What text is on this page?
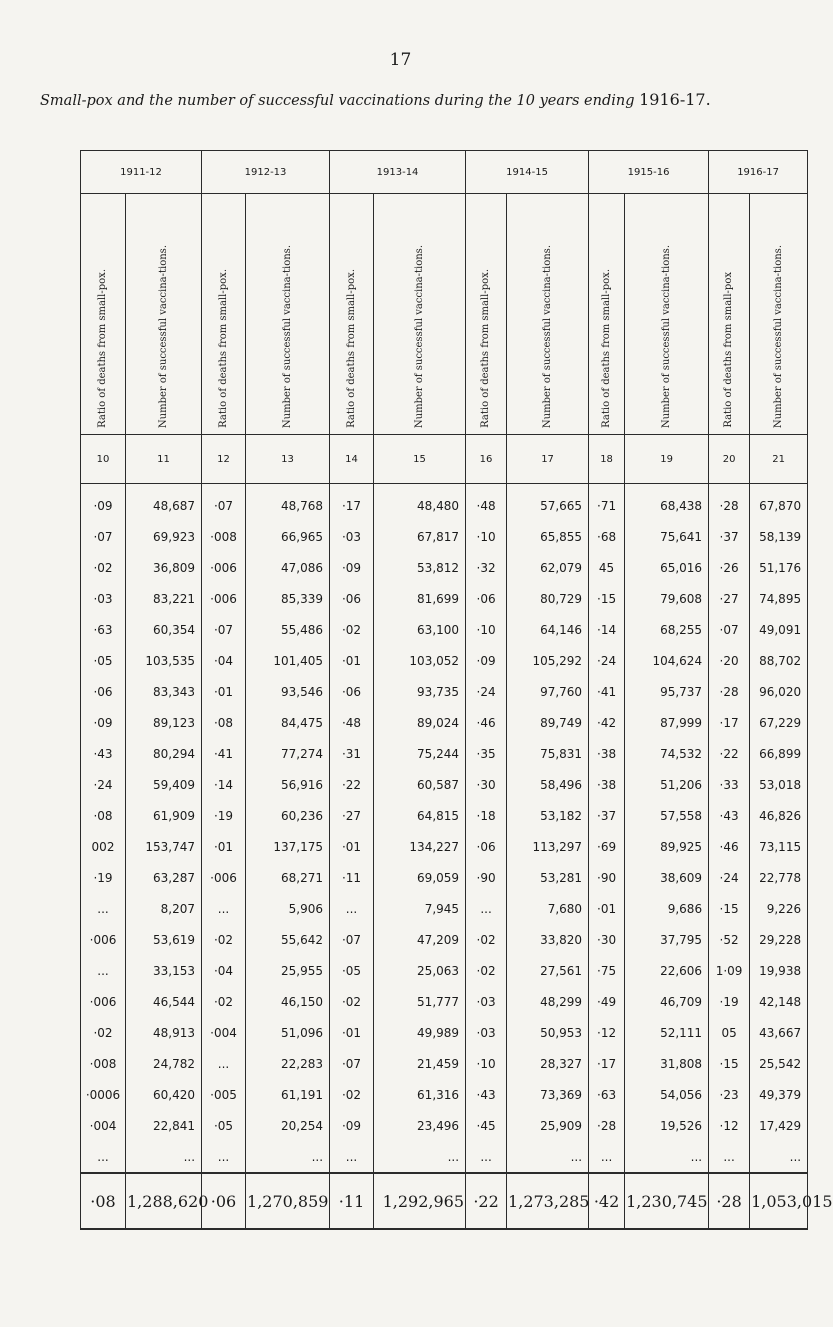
17
Small-pox and the number of successful vaccinations during the 10 years ending 1916-17.
1911-12		1912-13		1913-14		1914-15		1915-16		1916-17	

Ratio of deaths from small-pox.	Number of successful vaccina-tions.	Ratio of deaths from small-pox.	Number of successful vaccina-tions.	Ratio of deaths from small-pox.	Number of successful vaccina-tions.	Ratio of deaths from small-pox.	Number of successful vaccina-tions.	Ratio of deaths from small-pox.	Number of successful vaccina-tions.	Ratio of deaths from small-pox	Number of successful vaccina-tions.

10	11	12	13	14	15	16	17	18	19	20	21
·09	48,687	·07	48,768	·17	48,480	·48	57,665	·71	68,438	·28	67,870
·07	69,923	·008	66,965	·03	67,817	·10	65,855	·68	75,641	·37	58,139
·02	36,809	·006	47,086	·09	53,812	·32	62,079	45	65,016	·26	51,176
·03	83,221	·006	85,339	·06	81,699	·06	80,729	·15	79,608	·27	74,895
·63	60,354	·07	55,486	·02	63,100	·10	64,146	·14	68,255	·07	49,091
·05	103,535	·04	101,405	·01	103,052	·09	105,292	·24	104,624	·20	88,702
·06	83,343	·01	93,546	·06	93,735	·24	97,760	·41	95,737	·28	96,020
·09	89,123	·08	84,475	·48	89,024	·46	89,749	·42	87,999	·17	67,229
·43	80,294	·41	77,274	·31	75,244	·35	75,831	·38	74,532	·22	66,899
·24	59,409	·14	56,916	·22	60,587	·30	58,496	·38	51,206	·33	53,018
·08	61,909	·19	60,236	·27	64,815	·18	53,182	·37	57,558	·43	46,826
002	153,747	·01	137,175	·01	134,227	·06	113,297	·69	89,925	·46	73,115
·19	63,287	·006	68,271	·11	69,059	·90	53,281	·90	38,609	·24	22,778
...	8,207	...	5,906	...	7,945	...	7,680	·01	9,686	·15	9,226
·006	53,619	·02	55,642	·07	47,209	·02	33,820	·30	37,795	·52	29,228
...	33,153	·04	25,955	·05	25,063	·02	27,561	·75	22,606	1·09	19,938
·006	46,544	·02	46,150	·02	51,777	·03	48,299	·49	46,709	·19	42,148
·02	48,913	·004	51,096	·01	49,989	·03	50,953	·12	52,111	05	43,667
·008	24,782	...	22,283	·07	21,459	·10	28,327	·17	31,808	·15	25,542
·0006	60,420	·005	61,191	·02	61,316	·43	73,369	·63	54,056	·23	49,379
·004	22,841	·05	20,254	·09	23,496	·45	25,909	·28	19,526	·12	17,429
...	...	...	...	...	...	...	...	...	...	...	...
·08	1,288,620	·06	1,270,859	·11	1,292,965	·22	1,273,285	·42	1,230,745	·28	1,053,015
